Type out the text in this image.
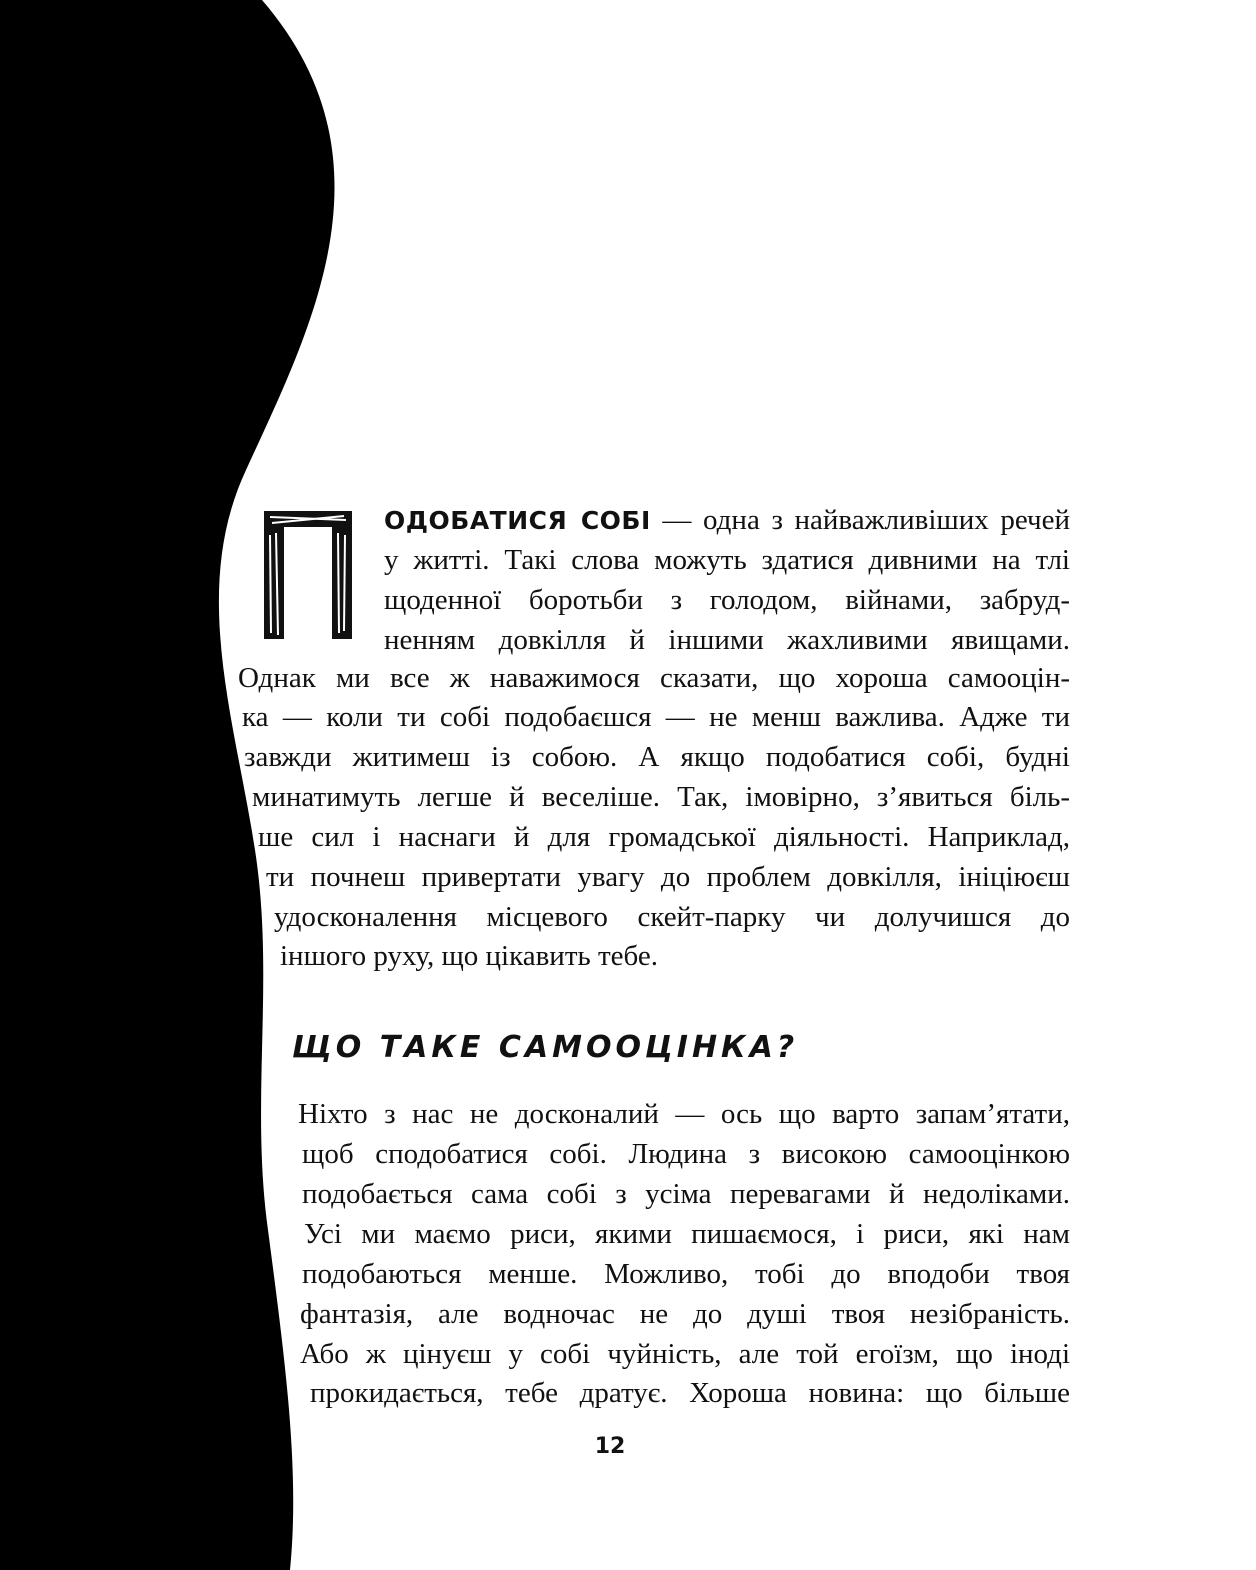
ОДОБАТИСЯ СОБІ — одна з найважливіших речей
у житті. Такі слова можуть здатися дивними на тлі
щоденної боротьби з голодом, війнами, забруд-
ненням довкілля й іншими жахливими явищами.
Однак ми все ж наважимося сказати, що хороша самооцін-
ка — коли ти собі подобаєшся — не менш важлива. Адже ти
завжди житимеш із собою. А якщо подобатися собі, будні
минатимуть легше й веселіше. Так, імовірно, з’явиться біль-
ше сил і наснаги й для громадської діяльності. Наприклад,
ти почнеш привертати увагу до проблем довкілля, ініціюєш
удосконалення місцевого скейт-парку чи долучишся до
іншого руху, що цікавить тебе.
ЩО ТАКЕ САМООЦІНКА?
Ніхто з нас не досконалий — ось що варто запам’ятати,
щоб сподобатися собі. Людина з високою самооцінкою
подобається сама собі з усіма перевагами й недоліками.
Усі ми маємо риси, якими пишаємося, і риси, які нам
подобаються менше. Можливо, тобі до вподоби твоя
фантазія, але водночас не до душі твоя незібраність.
Або ж цінуєш у собі чуйність, але той егоїзм, що іноді
прокидається, тебе дратує. Хороша новина: що більше
12
